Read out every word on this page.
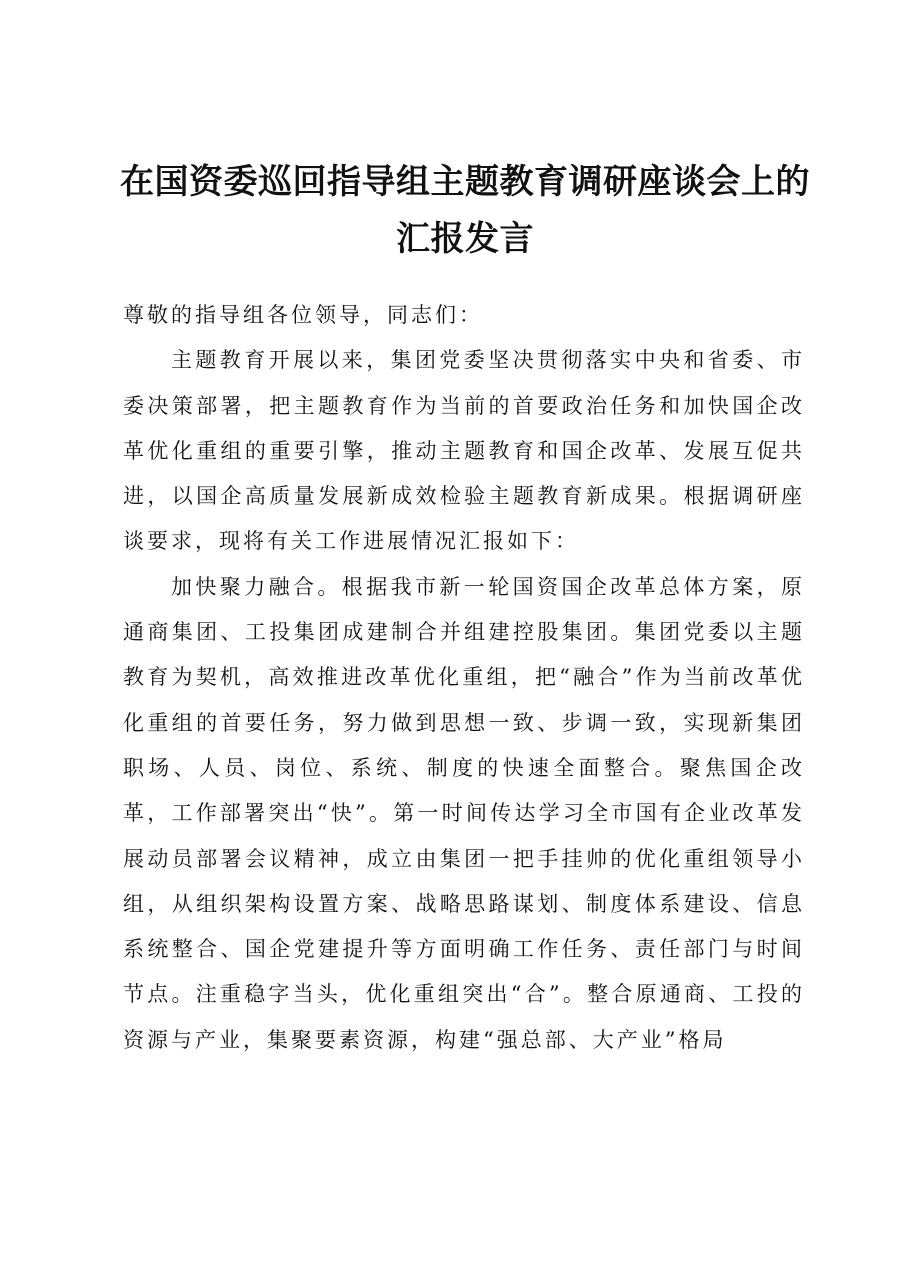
在国资委巡回指导组主题教育调研座谈会上的汇报发言

尊敬的指导组各位领导，同志们：

主题教育开展以来，集团党委坚决贯彻落实中央和省委、市委决策部署，把主题教育作为当前的首要政治任务和加快国企改革优化重组的重要引擎，推动主题教育和国企改革、发展互促共进，以国企高质量发展新成效检验主题教育新成果。根据调研座谈要求，现将有关工作进展情况汇报如下：

加快聚力融合。根据我市新一轮国资国企改革总体方案，原通商集团、工投集团成建制合并组建控股集团。集团党委以主题教育为契机，高效推进改革优化重组，把“融合”作为当前改革优化重组的首要任务，努力做到思想一致、步调一致，实现新集团职场、人员、岗位、系统、制度的快速全面整合。聚焦国企改革，工作部署突出“快”。第一时间传达学习全市国有企业改革发展动员部署会议精神，成立由集团一把手挂帅的优化重组领导小组，从组织架构设置方案、战略思路谋划、制度体系建设、信息系统整合、国企党建提升等方面明确工作任务、责任部门与时间节点。注重稳字当头，优化重组突出“合”。整合原通商、工投的资源与产业，集聚要素资源，构建“强总部、大产业”格局
